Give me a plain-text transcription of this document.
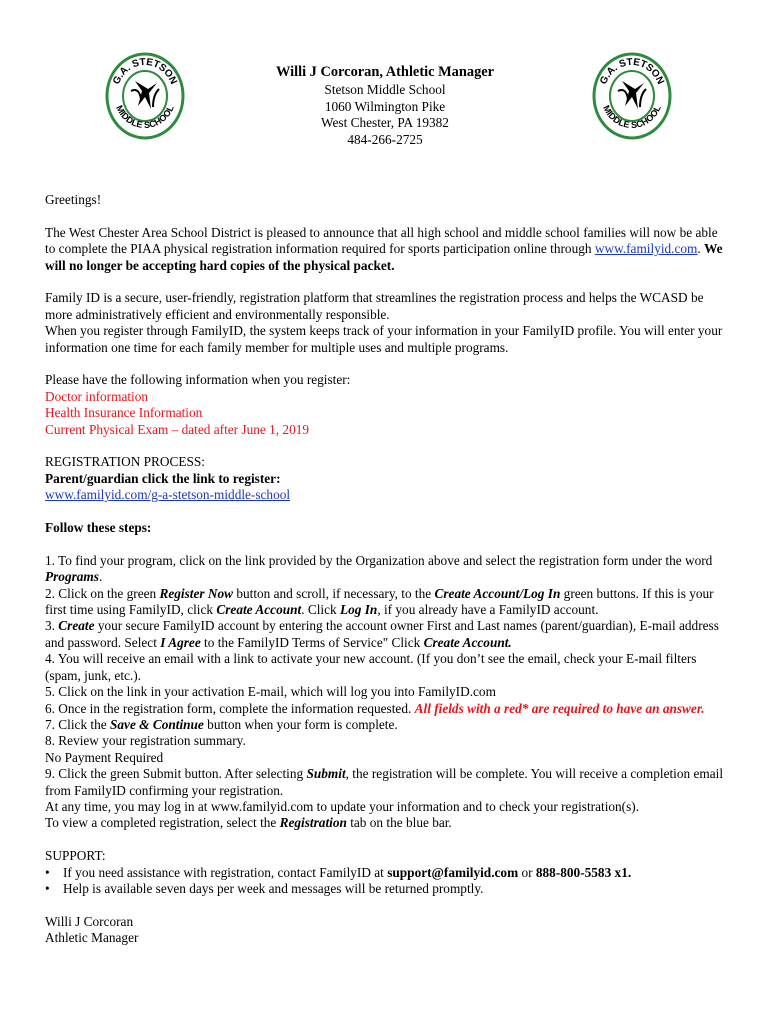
G.A. STETSON
MIDDLE SCHOOL
G.A. STETSON
MIDDLE SCHOOL
Willi J Corcoran, Athletic Manager
Stetson Middle School
1060 Wilmington Pike
West Chester, PA 19382
484-266-2725

Greetings!

The West Chester Area School District is pleased to announce that all high school and middle school families will now be able to complete the PIAA physical registration information required for sports participation online through www.familyid.com. We will no longer be accepting hard copies of the physical packet.

Family ID is a secure, user-friendly, registration platform that streamlines the registration process and helps the WCASD be more administratively efficient and environmentally responsible.

When you register through FamilyID, the system keeps track of your information in your FamilyID profile. You will enter your information one time for each family member for multiple uses and multiple programs.

Please have the following information when you register:

Doctor information

Health Insurance Information

Current Physical Exam – dated after June 1, 2019

REGISTRATION PROCESS:

Parent/guardian click the link to register:

www.familyid.com/g-a-stetson-middle-school

Follow these steps:

1. To find your program, click on the link provided by the Organization above and select the registration form under the word Programs.

2. Click on the green Register Now button and scroll, if necessary, to the Create Account/Log In green buttons. If this is your first time using FamilyID, click Create Account. Click Log In, if you already have a FamilyID account.

3. Create your secure FamilyID account by entering the account owner First and Last names (parent/guardian), E-mail address and password. Select I Agree to the FamilyID Terms of Service" Click Create Account.

4. You will receive an email with a link to activate your new account. (If you don’t see the email, check your E-mail filters (spam, junk, etc.).

5. Click on the link in your activation E-mail, which will log you into FamilyID.com

6. Once in the registration form, complete the information requested. All fields with a red* are required to have an answer.

7. Click the Save & Continue button when your form is complete.

8. Review your registration summary.

No Payment Required

9. Click the green Submit button. After selecting Submit, the registration will be complete. You will receive a completion email from FamilyID confirming your registration.

At any time, you may log in at www.familyid.com to update your information and to check your registration(s).

To view a completed registration, select the Registration tab on the blue bar.

SUPPORT:

• If you need assistance with registration, contact FamilyID at support@familyid.com or 888-800-5583 x1.

• Help is available seven days per week and messages will be returned promptly.

Willi J Corcoran

Athletic Manager
